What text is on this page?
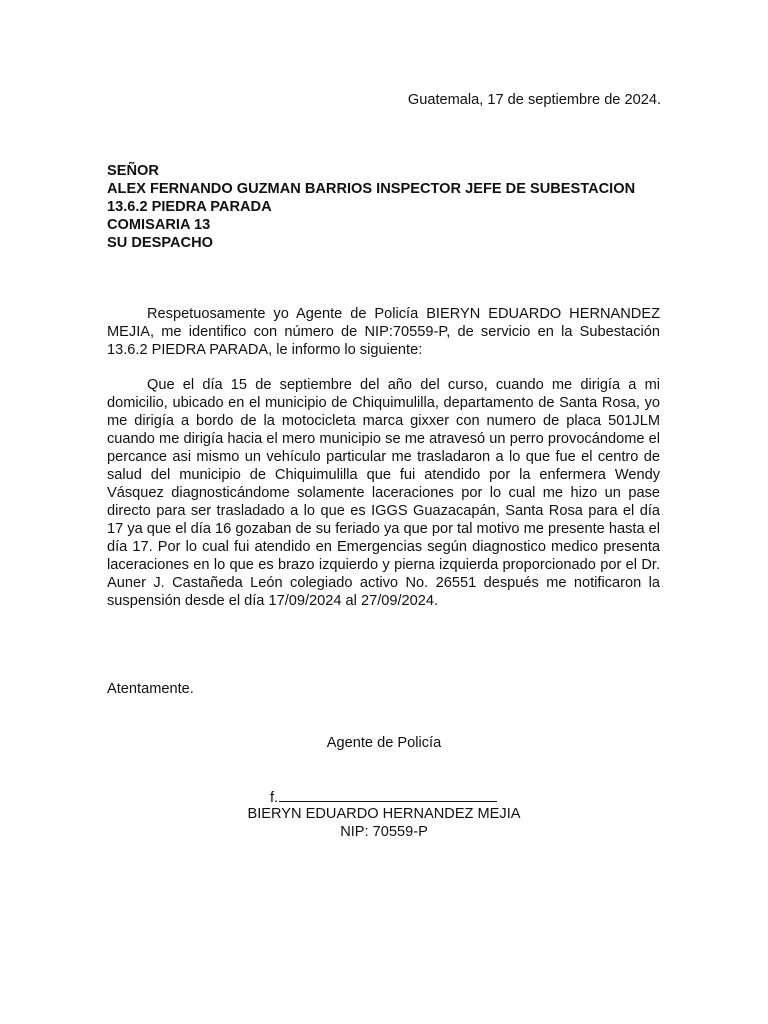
Guatemala, 17 de septiembre de 2024.
SEÑOR
ALEX FERNANDO GUZMAN BARRIOS INSPECTOR JEFE DE SUBESTACION
13.6.2 PIEDRA PARADA
COMISARIA 13
SU DESPACHO

Respetuosamente yo Agente de Policía BIERYN EDUARDO HERNANDEZ MEJIA, me identifico con número de NIP:70559-P, de servicio en la Subestación 13.6.2 PIEDRA PARADA, le informo lo siguiente:

Que el día 15 de septiembre del año del curso, cuando me dirigía a mi domicilio, ubicado en el municipio de Chiquimulilla, departamento de Santa Rosa, yo me dirigía a bordo de la motocicleta marca gixxer con numero de placa 501JLM cuando me dirigía hacia el mero municipio se me atravesó un perro provocándome el percance asi mismo un vehículo particular me trasladaron a lo que fue el centro de salud del municipio de Chiquimulilla que fui atendido por la enfermera Wendy Vásquez diagnosticándome solamente laceraciones por lo cual me hizo un pase directo para ser trasladado a lo que es IGGS Guazacapán, Santa Rosa para el día 17 ya que el día 16 gozaban de su feriado ya que por tal motivo me presente hasta el día 17. Por lo cual fui atendido en Emergencias según diagnostico medico presenta laceraciones en lo que es brazo izquierdo y pierna izquierda proporcionado por el Dr. Auner J. Castañeda León colegiado activo No. 26551 después me notificaron la suspensión desde el día 17/09/2024 al 27/09/2024.

Atentamente.
Agente de Policía
f.
BIERYN EDUARDO HERNANDEZ MEJIA
NIP: 70559-P
